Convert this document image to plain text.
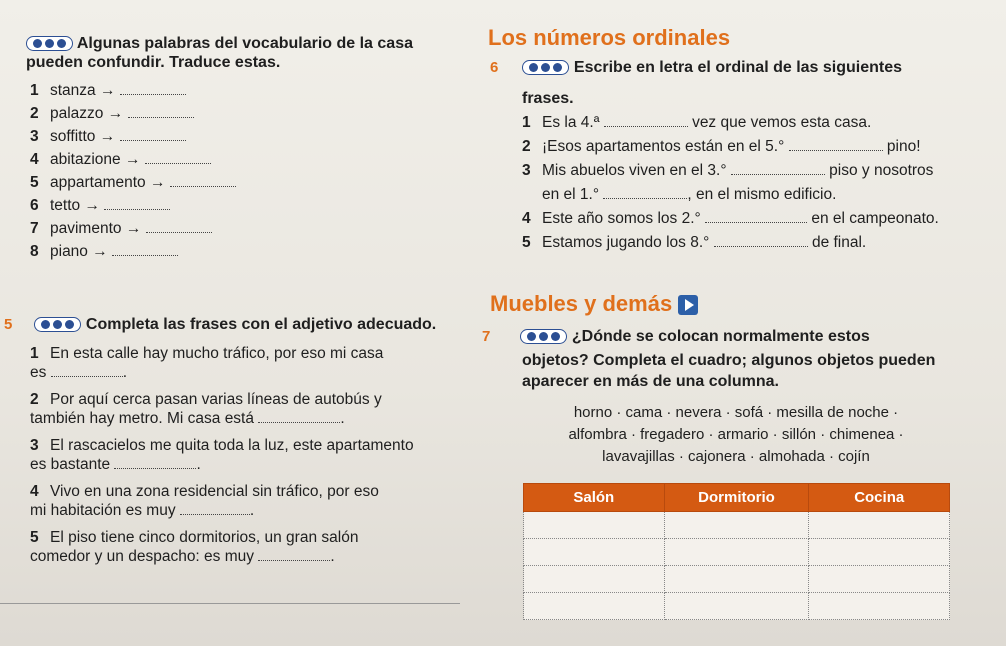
Algunas palabras del vocabulario de la casa
pueden confundir. Traduce estas.
1 stanza →
2 palazzo →
3 soffitto →
4 abitazione →
5 appartamento →
6 tetto →
7 pavimento →
8 piano →
5	Completa las frases con el adjetivo adecuado.
1 En esta calle hay mucho tráfico, por eso mi casa
es	.
2 Por aquí cerca pasan varias líneas de autobús y
también hay metro. Mi casa está	.
3 El rascacielos me quita toda la luz, este apartamento
es bastante	.
4 Vivo en una zona residencial sin tráfico, por eso
mi habitación es muy	.
5 El piso tiene cinco dormitorios, un gran salón
comedor y un despacho: es muy	.
Los números ordinales
6	Escribe en letra el ordinal de las siguientes
frases.
1 Es la 4.ª	vez que vemos esta casa.
2 ¡Esos apartamentos están en el 5.°	pino!
3 Mis abuelos viven en el 3.°	piso y nosotros
en el 1.°	, en el mismo edificio.
4 Este año somos los 2.°	en el campeonato.
5 Estamos jugando los 8.°	de final.
Muebles y demás
7	¿Dónde se colocan normalmente estos
objetos? Completa el cuadro; algunos objetos pueden
aparecer en más de una columna.
horno · cama · nevera · sofá · mesilla de noche ·
alfombra · fregadero · armario · sillón · chimenea ·
lavavajillas · cajonera · almohada · cojín
Salón	Dormitorio	Cocina
